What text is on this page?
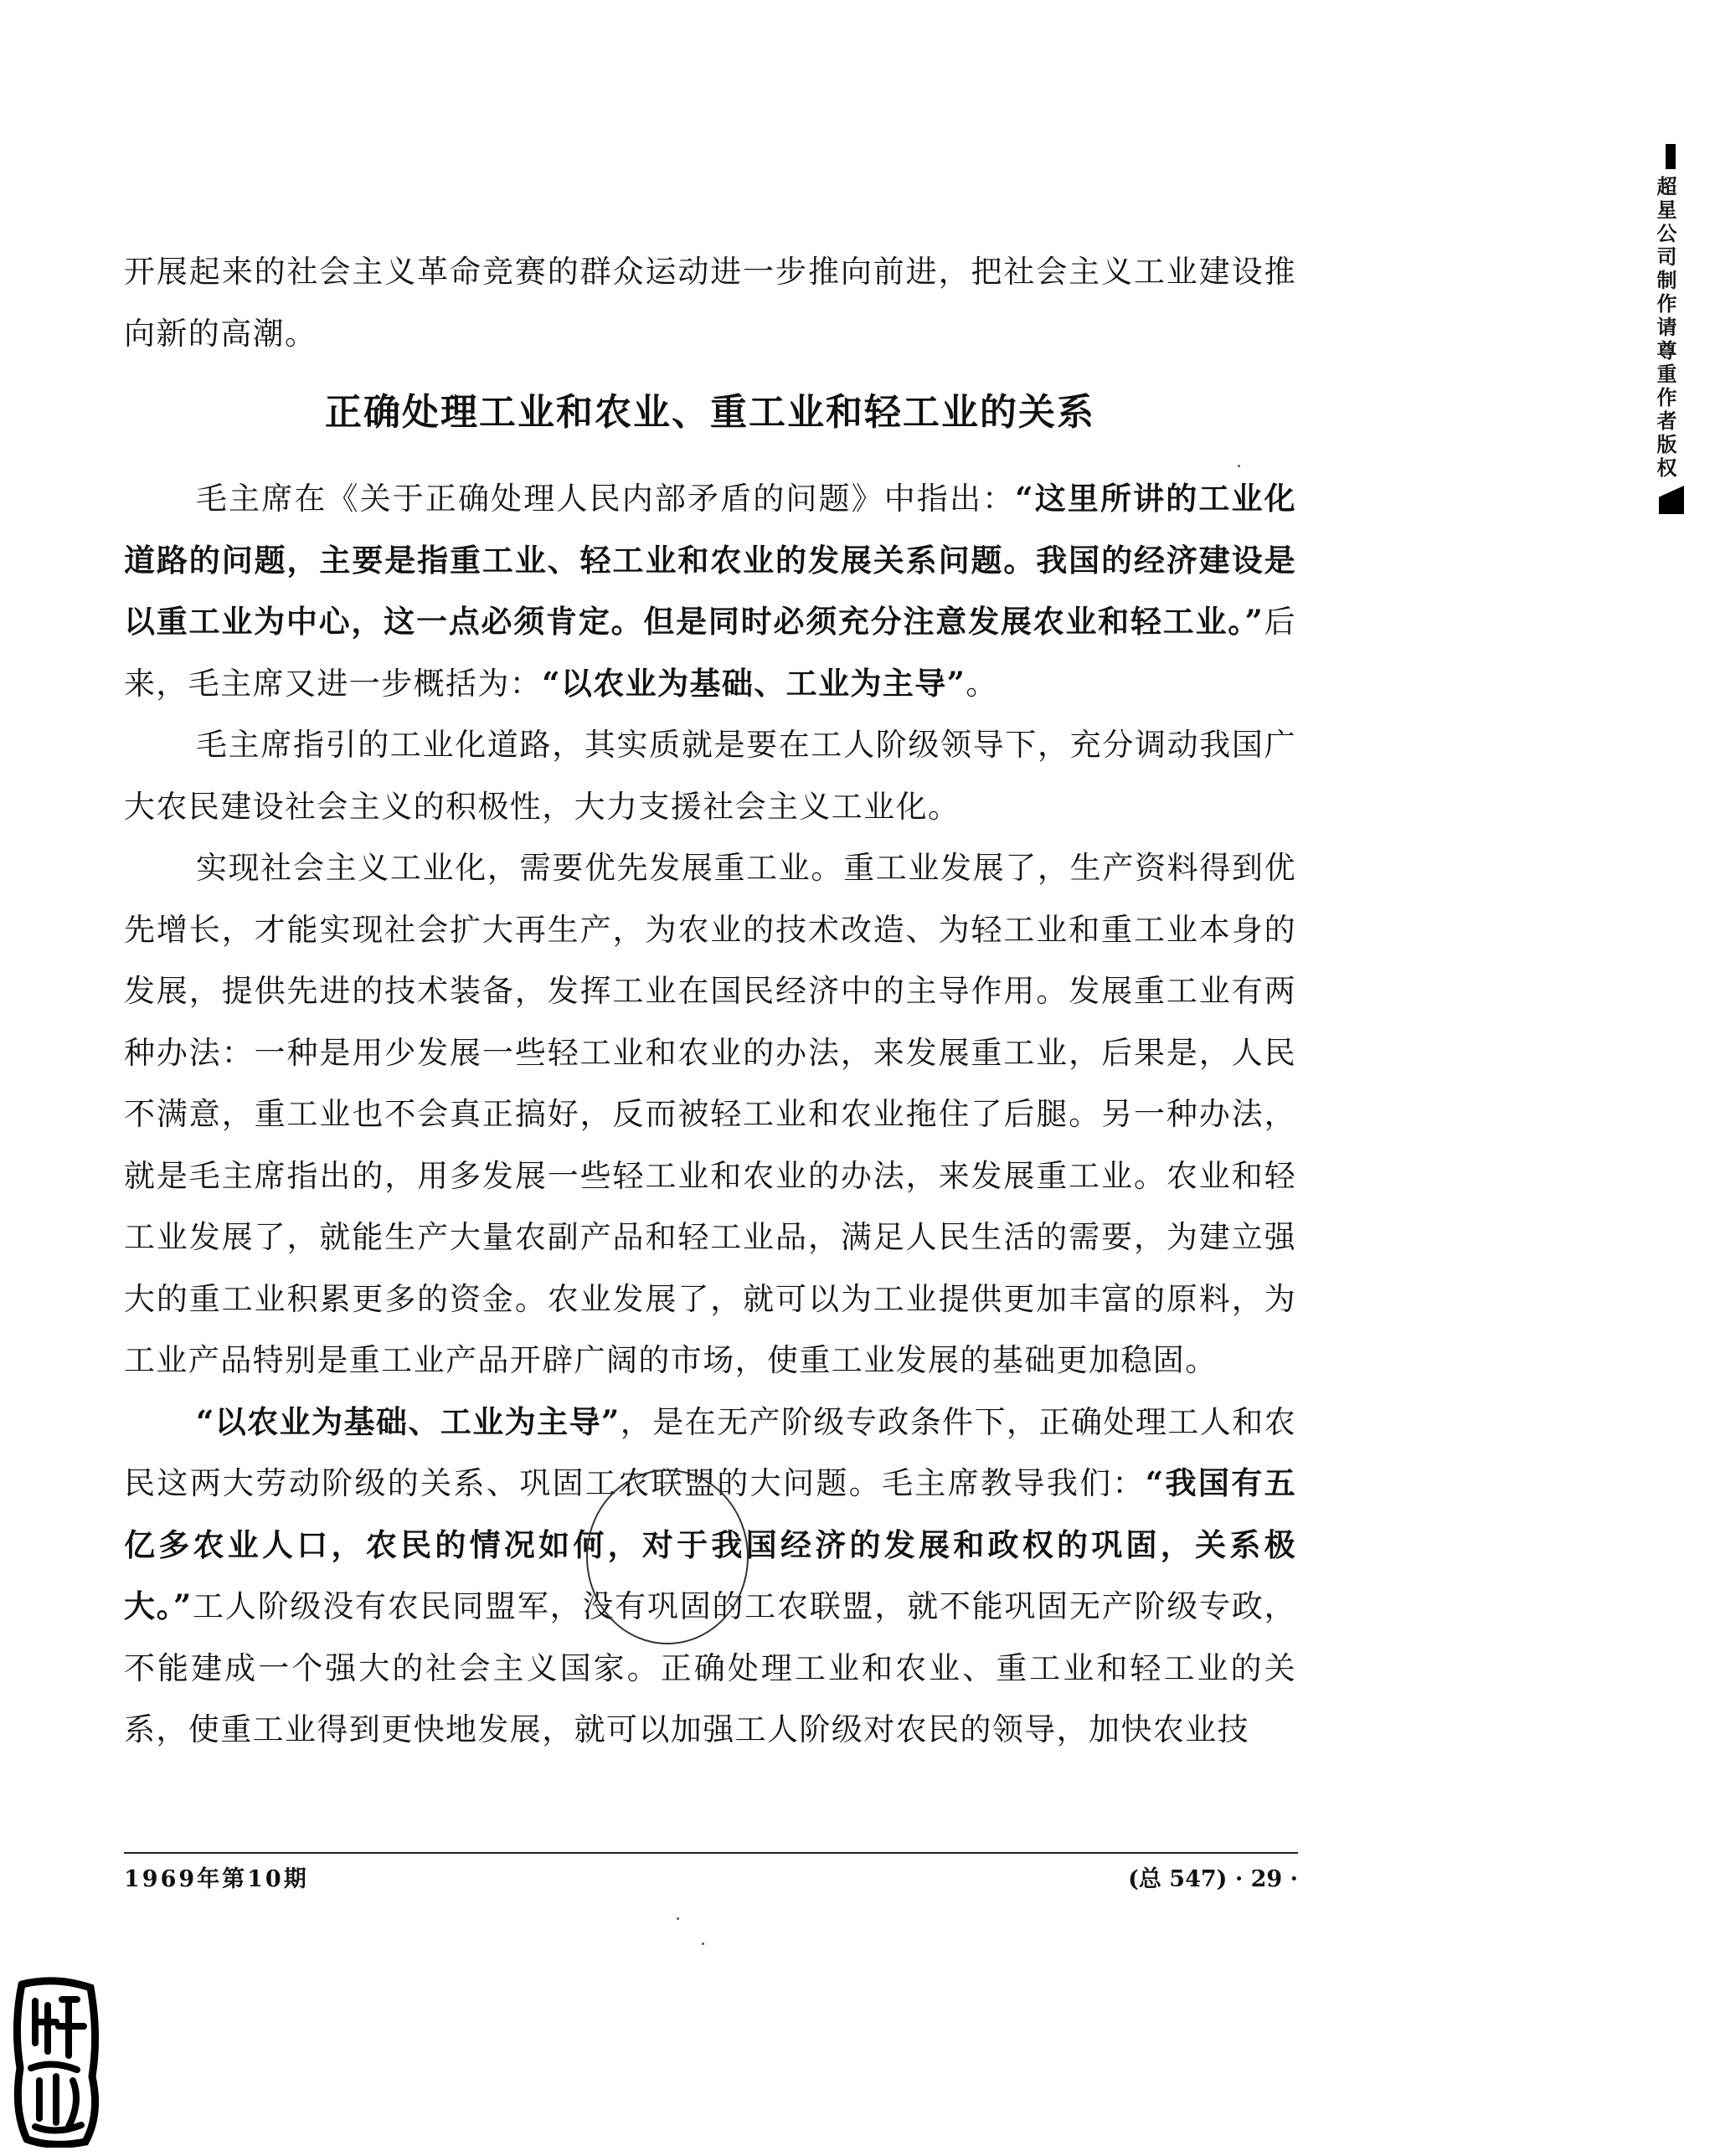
超星公司制作请尊重作者版权

开展起来的社会主义革命竞赛的群众运动进一步推向前进，把社会主义工业建设推向新的高潮。

正确处理工业和农业、重工业和轻工业的关系

毛主席在《关于正确处理人民内部矛盾的问题》中指出：“这里所讲的工业化道路的问题，主要是指重工业、轻工业和农业的发展关系问题。我国的经济建设是以重工业为中心，这一点必须肯定。但是同时必须充分注意发展农业和轻工业。”后来，毛主席又进一步概括为：“以农业为基础、工业为主导”。

毛主席指引的工业化道路，其实质就是要在工人阶级领导下，充分调动我国广大农民建设社会主义的积极性，大力支援社会主义工业化。

实现社会主义工业化，需要优先发展重工业。重工业发展了，生产资料得到优先增长，才能实现社会扩大再生产，为农业的技术改造、为轻工业和重工业本身的发展，提供先进的技术装备，发挥工业在国民经济中的主导作用。发展重工业有两种办法：一种是用少发展一些轻工业和农业的办法，来发展重工业，后果是，人民不满意，重工业也不会真正搞好，反而被轻工业和农业拖住了后腿。另一种办法，就是毛主席指出的，用多发展一些轻工业和农业的办法，来发展重工业。农业和轻工业发展了，就能生产大量农副产品和轻工业品，满足人民生活的需要，为建立强大的重工业积累更多的资金。农业发展了，就可以为工业提供更加丰富的原料，为工业产品特别是重工业产品开辟广阔的市场，使重工业发展的基础更加稳固。

“以农业为基础、工业为主导”，是在无产阶级专政条件下，正确处理工人和农民这两大劳动阶级的关系、巩固工农联盟的大问题。毛主席教导我们：“我国有五亿多农业人口，农民的情况如何，对于我国经济的发展和政权的巩固，关系极大。”工人阶级没有农民同盟军，没有巩固的工农联盟，就不能巩固无产阶级专政，不能建成一个强大的社会主义国家。正确处理工业和农业、重工业和轻工业的关系，使重工业得到更快地发展，就可以加强工人阶级对农民的领导，加快农业技

1969年第10期	(总 547) · 29 ·
